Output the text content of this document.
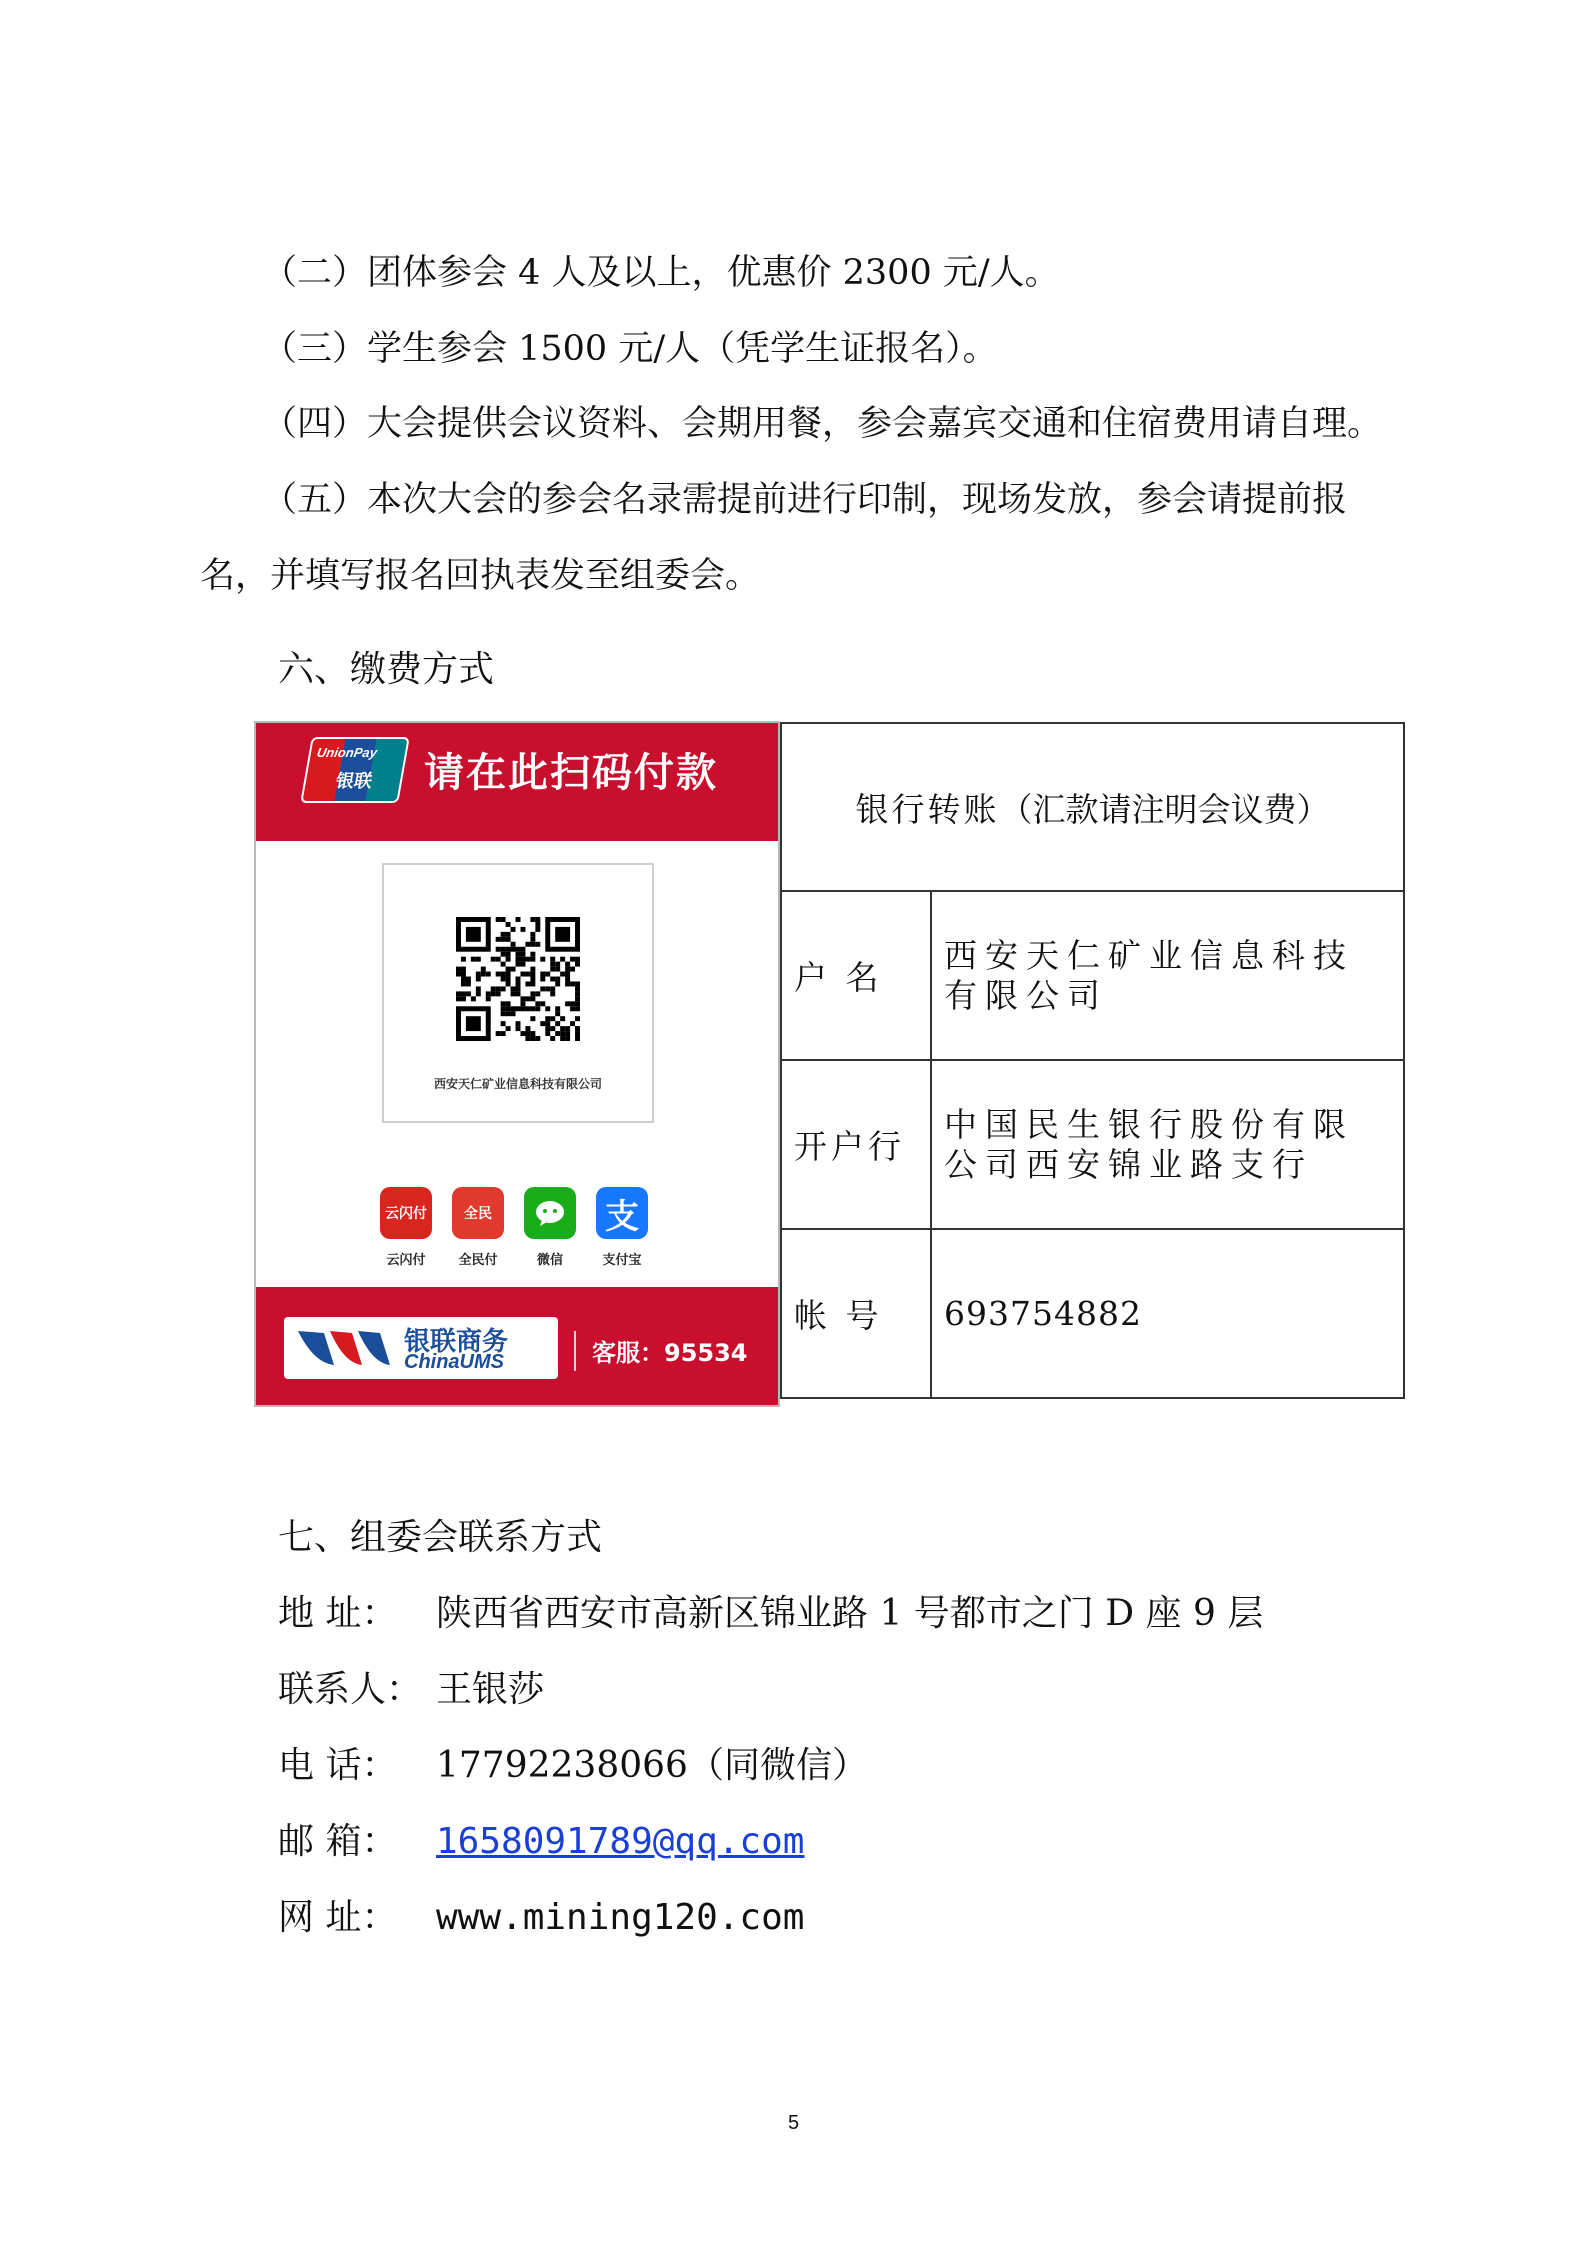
（二）团体参会 4 人及以上，优惠价 2300 元/人。
（三）学生参会 1500 元/人（凭学生证报名）。
（四）大会提供会议资料、会期用餐，参会嘉宾交通和住宿费用请自理。
（五）本次大会的参会名录需提前进行印制，现场发放，参会请提前报
名，并填写报名回执表发至组委会。
六、缴费方式
UnionPay
银联 请在此扫码付款
西安天仁矿业信息科技有限公司
云闪付
云闪付
全民
全民付	微信
支
支付宝
银联商务
ChinaUMS	客服：95534
银行转账（汇款请注明会议费）	
户 名	西安天仁矿业信息科技有限公司
开户行	中国民生银行股份有限公司西安锦业路支行
帐 号	693754882
七、组委会联系方式
地 址： 陕西省西安市高新区锦业路 1 号都市之门 D 座 9 层
联系人： 王银莎
电 话： 17792238066（同微信）
邮 箱： 1658091789@qq.com
网 址： www.mining120.com
5
